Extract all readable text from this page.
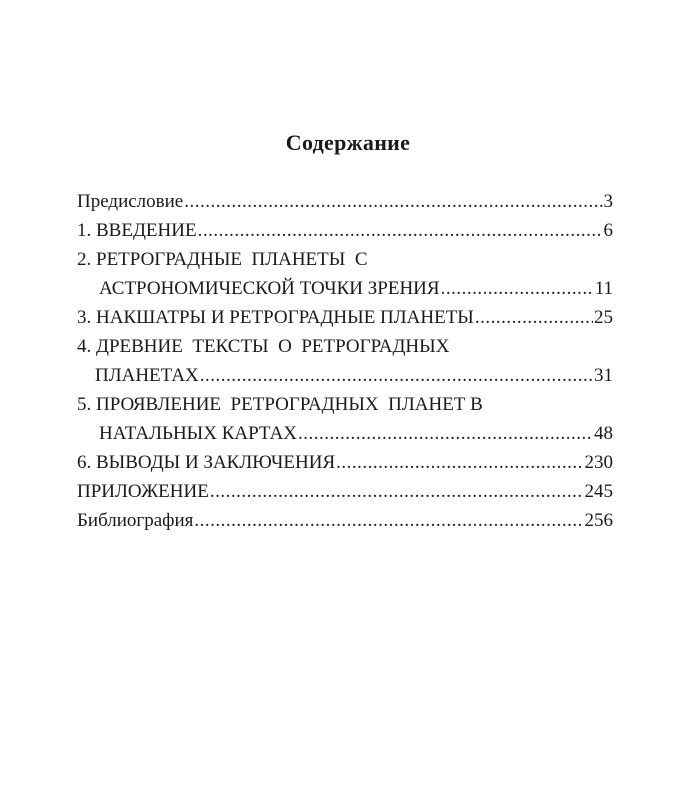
Содержание
Предисловие .....	3
1. ВВЕДЕНИЕ .....	6
2. РЕТРОГРАДНЫЕ  ПЛАНЕТЫ  С
АСТРОНОМИЧЕСКОЙ ТОЧКИ ЗРЕНИЯ .....	11
3. НАКШАТРЫ И РЕТРОГРАДНЫЕ ПЛАНЕТЫ .....	25
4. ДРЕВНИЕ  ТЕКСТЫ  О  РЕТРОГРАДНЫХ
ПЛАНЕТАХ .....	31
5. ПРОЯВЛЕНИЕ  РЕТРОГРАДНЫХ  ПЛАНЕТ В
НАТАЛЬНЫХ КАРТАХ .....	48
6. ВЫВОДЫ И ЗАКЛЮЧЕНИЯ .....	230
ПРИЛОЖЕНИЕ .....	245
Библиография .....	256
